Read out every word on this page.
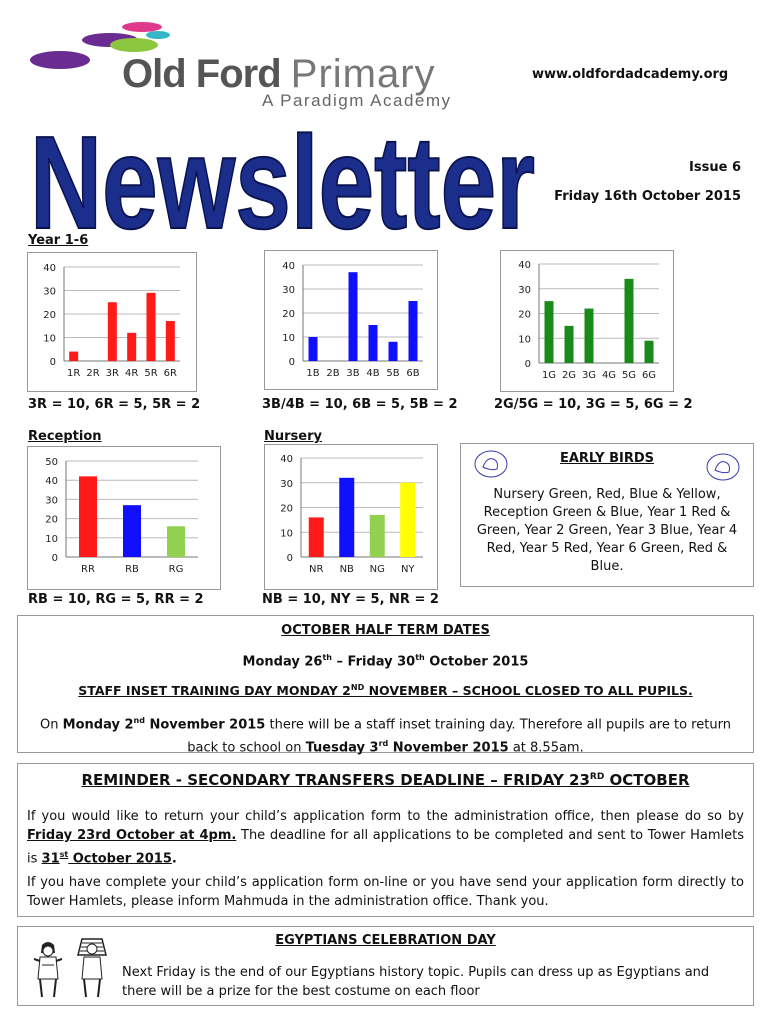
Old Ford Primary
A Paradigm Academy
www.oldfordadcademy.org
Newsletter	Issue 6
Friday 16th October 2015
Year 1-6
0
10
20
30
40
1R 2R 3R 4R 5R 6R
0
10
20
30
40
1B 2B 3B 4B 5B 6B
0
10
20
30
40
1G 2G 3G 4G 5G 6G
3R = 10, 6R = 5, 5R = 2	3B/4B = 10, 6B = 5, 5B = 2	2G/5G = 10, 3G = 5, 6G = 2
Reception	Nursery
0
10
20
30
40
50
RR	RB	RG
0
10
20
30
40
NR NB NG NY
RB = 10, RG = 5, RR = 2	NB = 10, NY = 5, NR = 2
EARLY BIRDS
Nursery Green, Red, Blue & Yellow, Reception Green & Blue, Year 1 Red & Green, Year 2 Green, Year 3 Blue, Year 4 Red, Year 5 Red, Year 6 Green, Red & Blue.
OCTOBER HALF TERM DATES
Monday 26th – Friday 30th October 2015
STAFF INSET TRAINING DAY MONDAY 2ND NOVEMBER – SCHOOL CLOSED TO ALL PUPILS.
On Monday 2nd November 2015 there will be a staff inset training day. Therefore all pupils are to return back to school on Tuesday 3rd November 2015 at 8.55am.
REMINDER - SECONDARY TRANSFERS DEADLINE – FRIDAY 23RD OCTOBER

If you would like to return your child’s application form to the administration office, then please do so by Friday 23rd October at 4pm. The deadline for all applications to be completed and sent to Tower Hamlets is 31st October 2015.

If you have complete your child’s application form on-line or you have send your application form directly to Tower Hamlets, please inform Mahmuda in the administration office. Thank you.

EGYPTIANS CELEBRATION DAY
Next Friday is the end of our Egyptians history topic. Pupils can dress up as Egyptians and there will be a prize for the best costume on each floor
